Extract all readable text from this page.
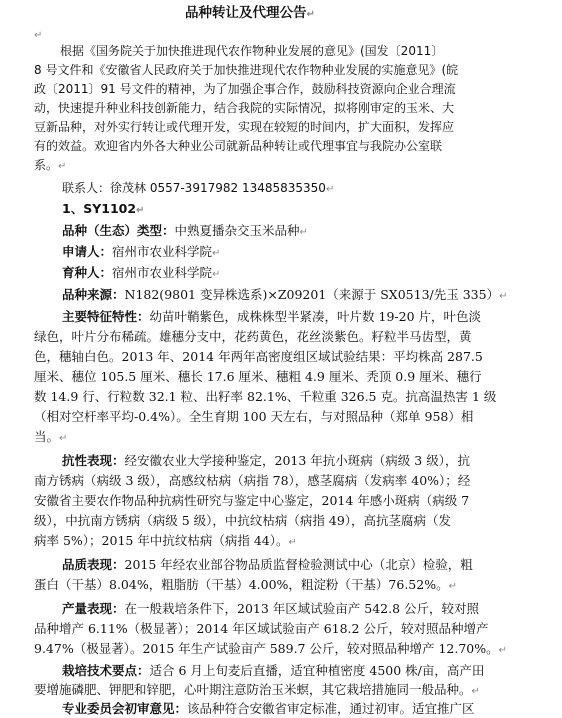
品种转让及代理公告↵
↵
根据《国务院关于加快推进现代农作物种业发展的意见》(国发〔2011〕
8 号文件和《安徽省人民政府关于加快推进现代农作物种业发展的实施意见》(皖
政〔2011〕91 号文件的精神，为了加强企事合作，鼓励科技资源向企业合理流
动，快速提升种业科技创新能力，结合我院的实际情况，拟将刚审定的玉米、大
豆新品种，对外实行转让或代理开发，实现在较短的时间内，扩大面积，发挥应
有的效益。欢迎省内外各大种业公司就新品种转让或代理事宜与我院办公室联
系。↵
联系人：徐茂林 0557-3917982 13485835350↵
1、SY1102↵
品种（生态）类型：中熟夏播杂交玉米品种↵
申请人：宿州市农业科学院↵
育种人：宿州市农业科学院↵
品种来源：N182(9801 变异株选系)×Z09201（来源于 SX0513/先玉 335）↵
主要特征特性：幼苗叶鞘紫色，成株株型半紧凑，叶片数 19-20 片，叶色淡
绿色，叶片分布稀疏。雄穗分支中，花药黄色，花丝淡紫色。籽粒半马齿型，黄
色，穗轴白色。2013 年、2014 年两年高密度组区域试验结果：平均株高 287.5
厘米、穗位 105.5 厘米、穗长 17.6 厘米、穗粗 4.9 厘米、秃顶 0.9 厘米、穗行
数 14.9 行、行粒数 32.1 粒、出籽率 82.1%、千粒重 326.5 克。抗高温热害 1 级
（相对空杆率平均-0.4%）。全生育期 100 天左右，与对照品种（郑单 958）相
当。↵
抗性表现：经安徽农业大学接种鉴定，2013 年抗小斑病（病级 3 级），抗
南方锈病（病级 3 级），高感纹枯病（病指 78），感茎腐病（发病率 40%）；经
安徽省主要农作物品种抗病性研究与鉴定中心鉴定，2014 年感小斑病（病级 7
级），中抗南方锈病（病级 5 级），中抗纹枯病（病指 49），高抗茎腐病（发
病率 5%）；2015 年中抗纹枯病（病指 44）。↵
品质表现：2015 年经农业部谷物品质监督检验测试中心（北京）检验，粗
蛋白（干基）8.04%，粗脂肪（干基）4.00%，粗淀粉（干基）76.52%。↵
产量表现：在一般栽培条件下，2013 年区域试验亩产 542.8 公斤，较对照
品种增产 6.11%（极显著）；2014 年区域试验亩产 618.2 公斤，较对照品种增产
9.47%（极显著）。2015 年生产试验亩产 589.7 公斤，较对照品种增产 12.70%。↵
栽培技术要点：适合 6 月上旬麦后直播，适宜种植密度 4500 株/亩，高产田
要增施磷肥、钾肥和锌肥，心叶期注意防治玉米螟，其它栽培措施同一般品种。↵
专业委员会初审意见：该品种符合安徽省审定标准，通过初审。适宜推广区
